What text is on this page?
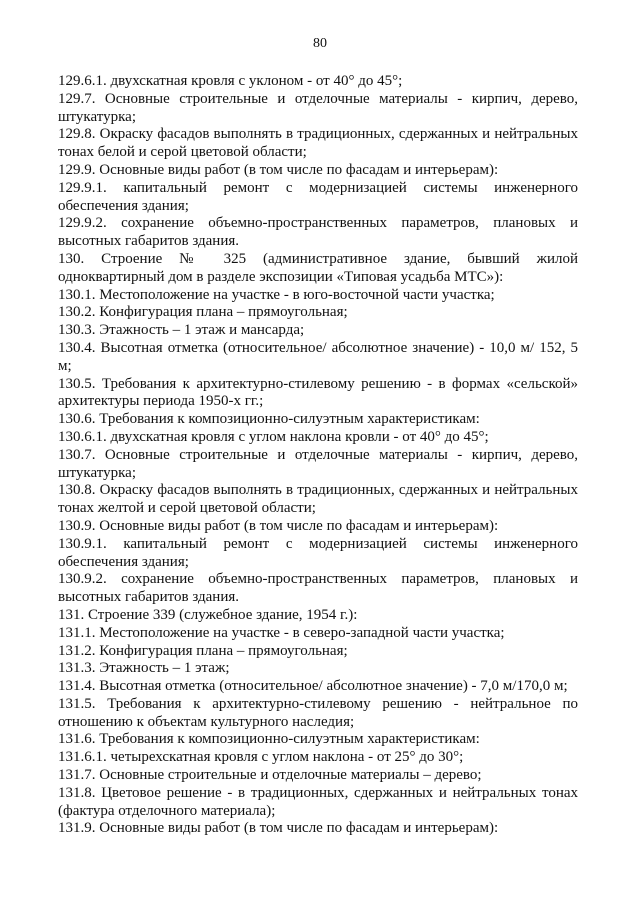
80

129.6.1. двухскатная кровля с уклоном - от 40° до 45°;

129.7. Основные строительные и отделочные материалы - кирпич, дерево, штукатурка;

129.8. Окраску фасадов выполнять в традиционных, сдержанных и нейтральных тонах белой и серой цветовой области;

129.9. Основные виды работ (в том числе по фасадам и интерьерам):

129.9.1. капитальный ремонт с модернизацией системы инженерного обеспечения здания;

129.9.2. сохранение объемно-пространственных параметров, плановых и высотных габаритов здания.

130. Строение № 325 (административное здание, бывший жилой одноквартирный дом в разделе экспозиции «Типовая усадьба МТС»):

130.1. Местоположение на участке - в юго-восточной части участка;

130.2. Конфигурация плана – прямоугольная;

130.3. Этажность – 1 этаж и мансарда;

130.4. Высотная отметка (относительное/ абсолютное значение) - 10,0 м/ 152, 5 м;

130.5. Требования к архитектурно-стилевому решению - в формах «сельской» архитектуры периода 1950-х гг.;

130.6. Требования к композиционно-силуэтным характеристикам:

130.6.1. двухскатная кровля с углом наклона кровли - от 40° до 45°;

130.7. Основные строительные и отделочные материалы - кирпич, дерево, штукатурка;

130.8. Окраску фасадов выполнять в традиционных, сдержанных и нейтральных тонах желтой и серой цветовой области;

130.9. Основные виды работ (в том числе по фасадам и интерьерам):

130.9.1. капитальный ремонт с модернизацией системы инженерного обеспечения здания;

130.9.2. сохранение объемно-пространственных параметров, плановых и высотных габаритов здания.

131. Строение 339 (служебное здание, 1954 г.):

131.1. Местоположение на участке - в северо-западной части участка;

131.2. Конфигурация плана – прямоугольная;

131.3. Этажность – 1 этаж;

131.4. Высотная отметка (относительное/ абсолютное значение) - 7,0 м/170,0 м;

131.5. Требования к архитектурно-стилевому решению - нейтральное по отношению к объектам культурного наследия;

131.6. Требования к композиционно-силуэтным характеристикам:

131.6.1. четырехскатная кровля с углом наклона - от 25° до 30°;

131.7. Основные строительные и отделочные материалы – дерево;

131.8. Цветовое решение - в традиционных, сдержанных и нейтральных тонах (фактура отделочного материала);

131.9. Основные виды работ (в том числе по фасадам и интерьерам):
